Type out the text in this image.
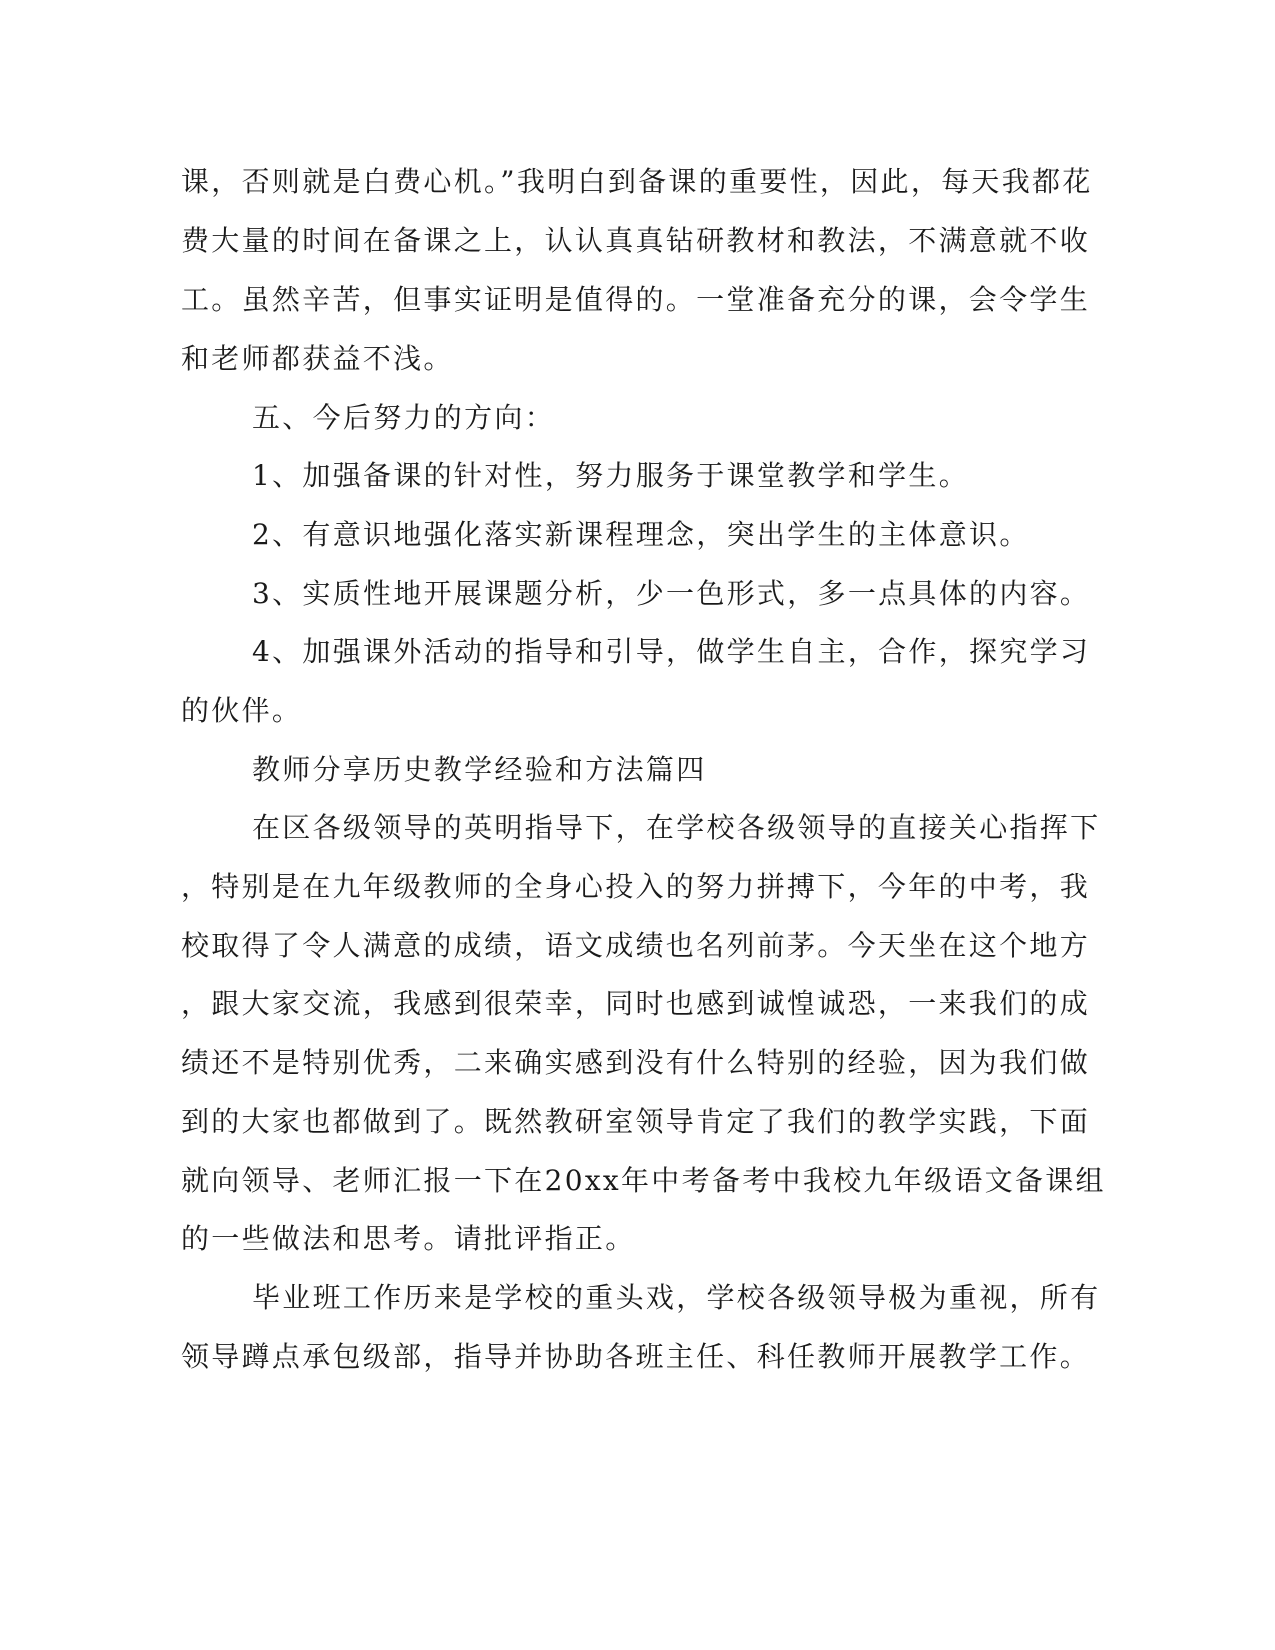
课，否则就是白费心机。”我明白到备课的重要性，因此，每天我都花
费大量的时间在备课之上，认认真真钻研教材和教法，不满意就不收
工。虽然辛苦，但事实证明是值得的。一堂准备充分的课，会令学生
和老师都获益不浅。
五、今后努力的方向：
1、加强备课的针对性，努力服务于课堂教学和学生。
2、有意识地强化落实新课程理念，突出学生的主体意识。
3、实质性地开展课题分析，少一色形式，多一点具体的内容。
4、加强课外活动的指导和引导，做学生自主，合作，探究学习
的伙伴。
教师分享历史教学经验和方法篇四
在区各级领导的英明指导下，在学校各级领导的直接关心指挥下
，特别是在九年级教师的全身心投入的努力拼搏下，今年的中考，我
校取得了令人满意的成绩，语文成绩也名列前茅。今天坐在这个地方
，跟大家交流，我感到很荣幸，同时也感到诚惶诚恐，一来我们的成
绩还不是特别优秀，二来确实感到没有什么特别的经验，因为我们做
到的大家也都做到了。既然教研室领导肯定了我们的教学实践，下面
就向领导、老师汇报一下在20xx年中考备考中我校九年级语文备课组
的一些做法和思考。请批评指正。
毕业班工作历来是学校的重头戏，学校各级领导极为重视，所有
领导蹲点承包级部，指导并协助各班主任、科任教师开展教学工作。
